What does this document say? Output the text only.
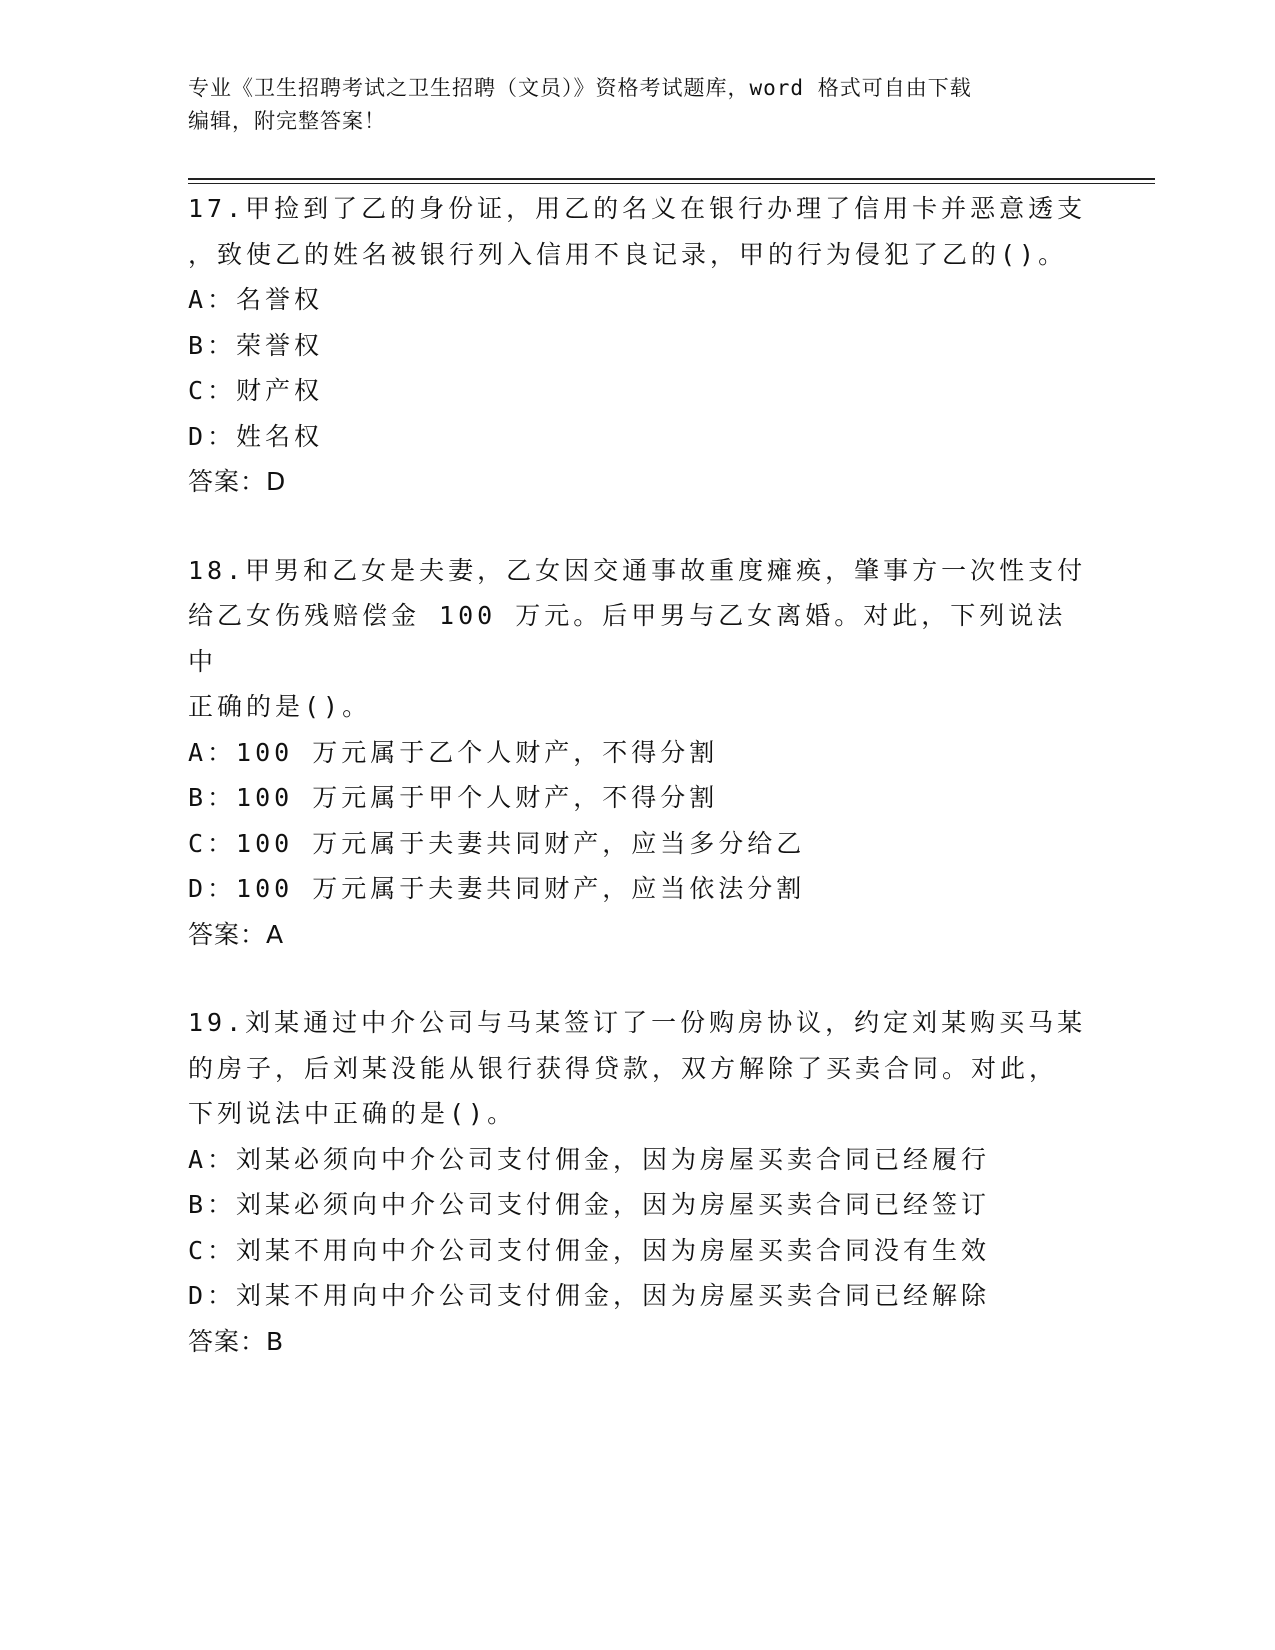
专业《卫生招聘考试之卫生招聘（文员）》资格考试题库，word 格式可自由下载
编辑，附完整答案！
17.甲捡到了乙的身份证，用乙的名义在银行办理了信用卡并恶意透支
，致使乙的姓名被银行列入信用不良记录，甲的行为侵犯了乙的()。
A：名誉权
B：荣誉权
C：财产权
D：姓名权
答案：D
18.甲男和乙女是夫妻，乙女因交通事故重度瘫痪，肇事方一次性支付
给乙女伤残赔偿金 100 万元。后甲男与乙女离婚。对此，下列说法中
正确的是()。
A：100 万元属于乙个人财产，不得分割
B：100 万元属于甲个人财产，不得分割
C：100 万元属于夫妻共同财产，应当多分给乙
D：100 万元属于夫妻共同财产，应当依法分割
答案：A
19.刘某通过中介公司与马某签订了一份购房协议，约定刘某购买马某
的房子，后刘某没能从银行获得贷款，双方解除了买卖合同。对此，
下列说法中正确的是()。
A：刘某必须向中介公司支付佣金，因为房屋买卖合同已经履行
B：刘某必须向中介公司支付佣金，因为房屋买卖合同已经签订
C：刘某不用向中介公司支付佣金，因为房屋买卖合同没有生效
D：刘某不用向中介公司支付佣金，因为房屋买卖合同已经解除
答案：B
